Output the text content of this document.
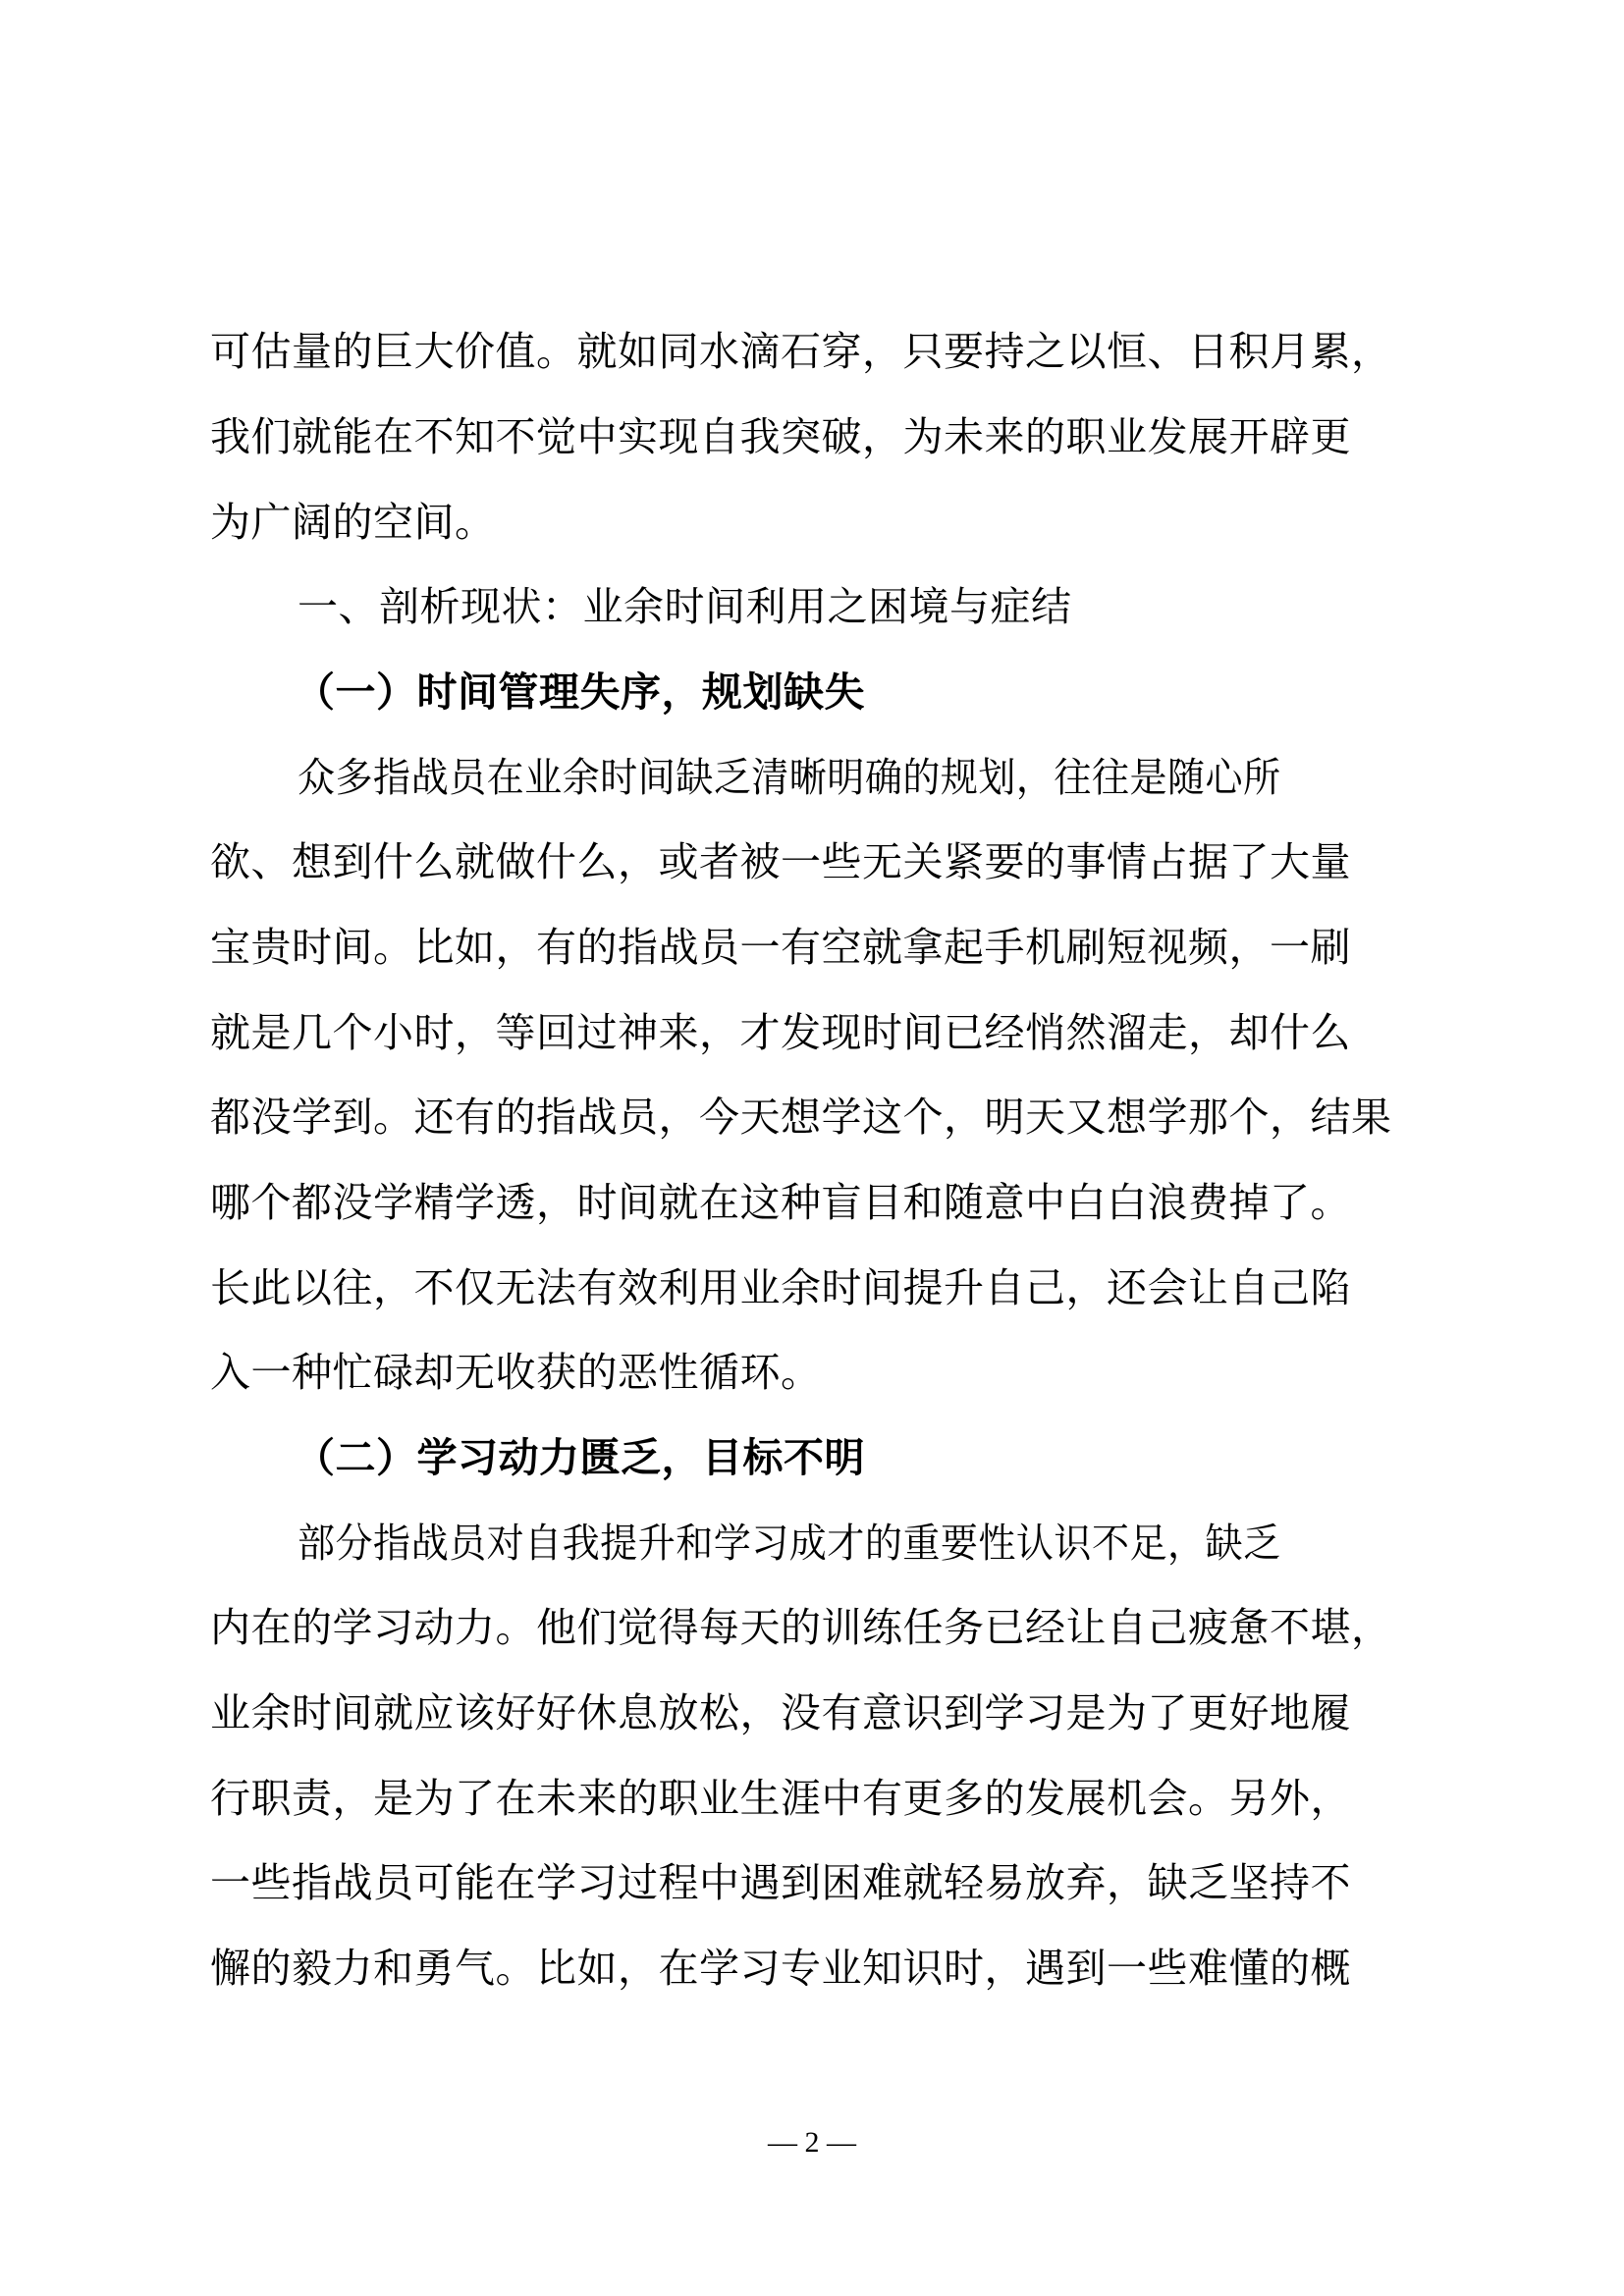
可估量的巨大价值。就如同水滴石穿，只要持之以恒、日积月累，
我们就能在不知不觉中实现自我突破，为未来的职业发展开辟更
为广阔的空间。
一、剖析现状：业余时间利用之困境与症结
（一）时间管理失序，规划缺失
众多指战员在业余时间缺乏清晰明确的规划，往往是随心所
欲、想到什么就做什么，或者被一些无关紧要的事情占据了大量
宝贵时间。比如，有的指战员一有空就拿起手机刷短视频，一刷
就是几个小时，等回过神来，才发现时间已经悄然溜走，却什么
都没学到。还有的指战员，今天想学这个，明天又想学那个，结果
哪个都没学精学透，时间就在这种盲目和随意中白白浪费掉了。
长此以往，不仅无法有效利用业余时间提升自己，还会让自己陷
入一种忙碌却无收获的恶性循环。
（二）学习动力匮乏，目标不明
部分指战员对自我提升和学习成才的重要性认识不足，缺乏
内在的学习动力。他们觉得每天的训练任务已经让自己疲惫不堪，
业余时间就应该好好休息放松，没有意识到学习是为了更好地履
行职责，是为了在未来的职业生涯中有更多的发展机会。另外，
一些指战员可能在学习过程中遇到困难就轻易放弃，缺乏坚持不
懈的毅力和勇气。比如，在学习专业知识时，遇到一些难懂的概
— 2 —
